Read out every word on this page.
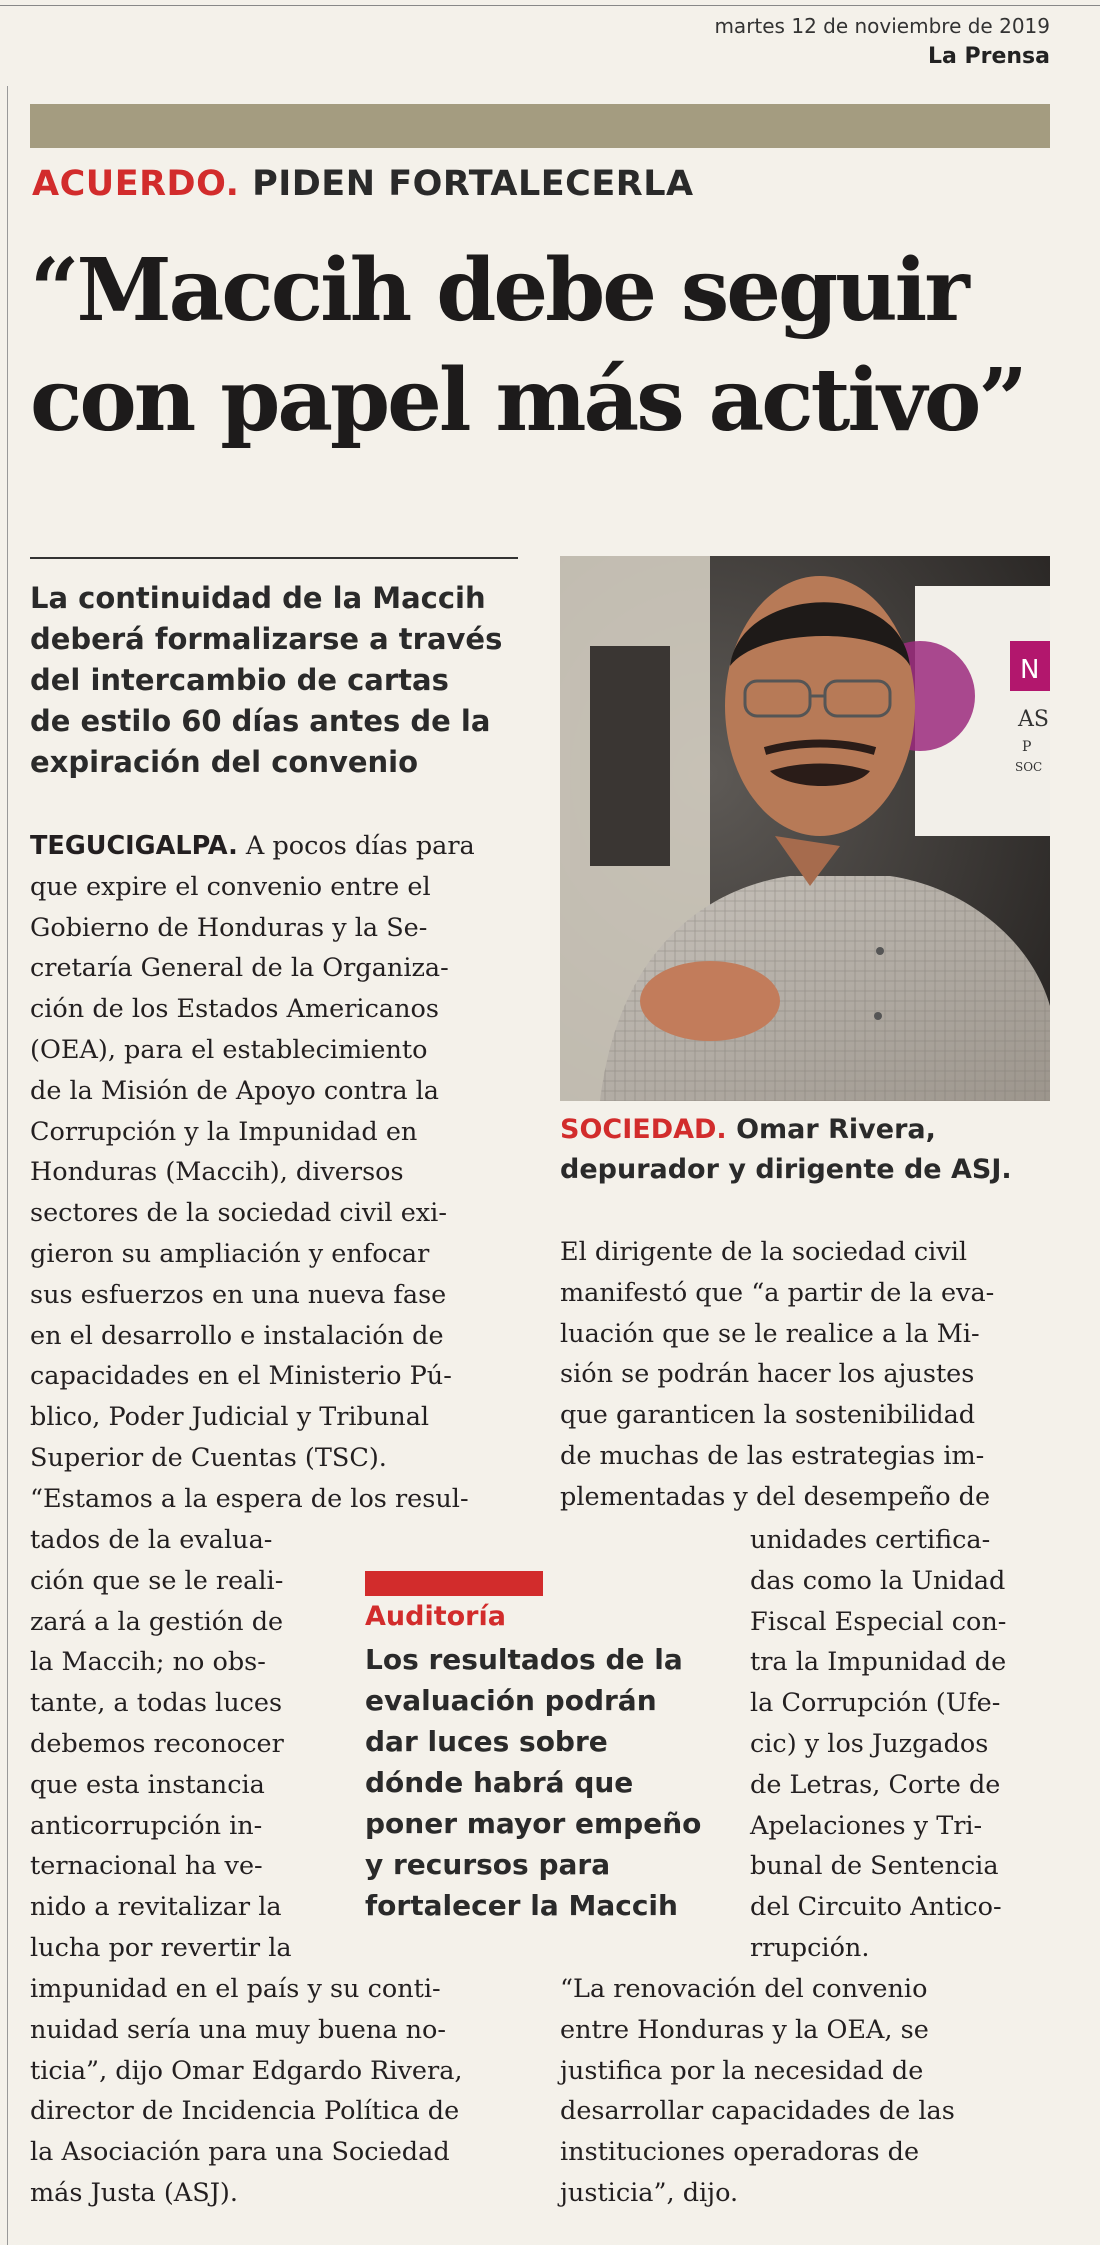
martes 12 de noviembre de 2019
La Prensa
ACUERDO. PIDEN FORTALECERLA
“Maccih debe seguir
con papel más activo”
La continuidad de la Maccih
deberá formalizarse a través
del intercambio de cartas
de estilo 60 días antes de la
expiración del convenio
N
AS
P
SOC
SOCIEDAD. Omar Rivera,
depurador y dirigente de ASJ.
TEGUCIGALPA. A pocos días para
que expire el convenio entre el
Gobierno de Honduras y la Se-
cretaría General de la Organiza-
ción de los Estados Americanos
(OEA), para el establecimiento
de la Misión de Apoyo contra la
Corrupción y la Impunidad en
Honduras (Maccih), diversos
sectores de la sociedad civil exi-
gieron su ampliación y enfocar
sus esfuerzos en una nueva fase
en el desarrollo e instalación de
capacidades en el Ministerio Pú-
blico, Poder Judicial y Tribunal
Superior de Cuentas (TSC).
“Estamos a la espera de los resul-
tados de la evalua-
ción que se le reali-
zará a la gestión de
la Maccih; no obs-
tante, a todas luces
debemos reconocer
que esta instancia
anticorrupción in-
ternacional ha ve-
nido a revitalizar la
lucha por revertir la
impunidad en el país y su conti-
nuidad sería una muy buena no-
ticia”, dijo Omar Edgardo Rivera,
director de Incidencia Política de
la Asociación para una Sociedad
más Justa (ASJ).
El dirigente de la sociedad civil
manifestó que “a partir de la eva-
luación que se le realice a la Mi-
sión se podrán hacer los ajustes
que garanticen la sostenibilidad
de muchas de las estrategias im-
plementadas y del desempeño de
unidades certifica-
das como la Unidad
Fiscal Especial con-
tra la Impunidad de
la Corrupción (Ufe-
cic) y los Juzgados
de Letras, Corte de
Apelaciones y Tri-
bunal de Sentencia
del Circuito Antico-
rrupción.
“La renovación del convenio
entre Honduras y la OEA, se
justifica por la necesidad de
desarrollar capacidades de las
instituciones operadoras de
justicia”, dijo.
Auditoría
Los resultados de la
evaluación podrán
dar luces sobre
dónde habrá que
poner mayor empeño
y recursos para
fortalecer la Maccih
